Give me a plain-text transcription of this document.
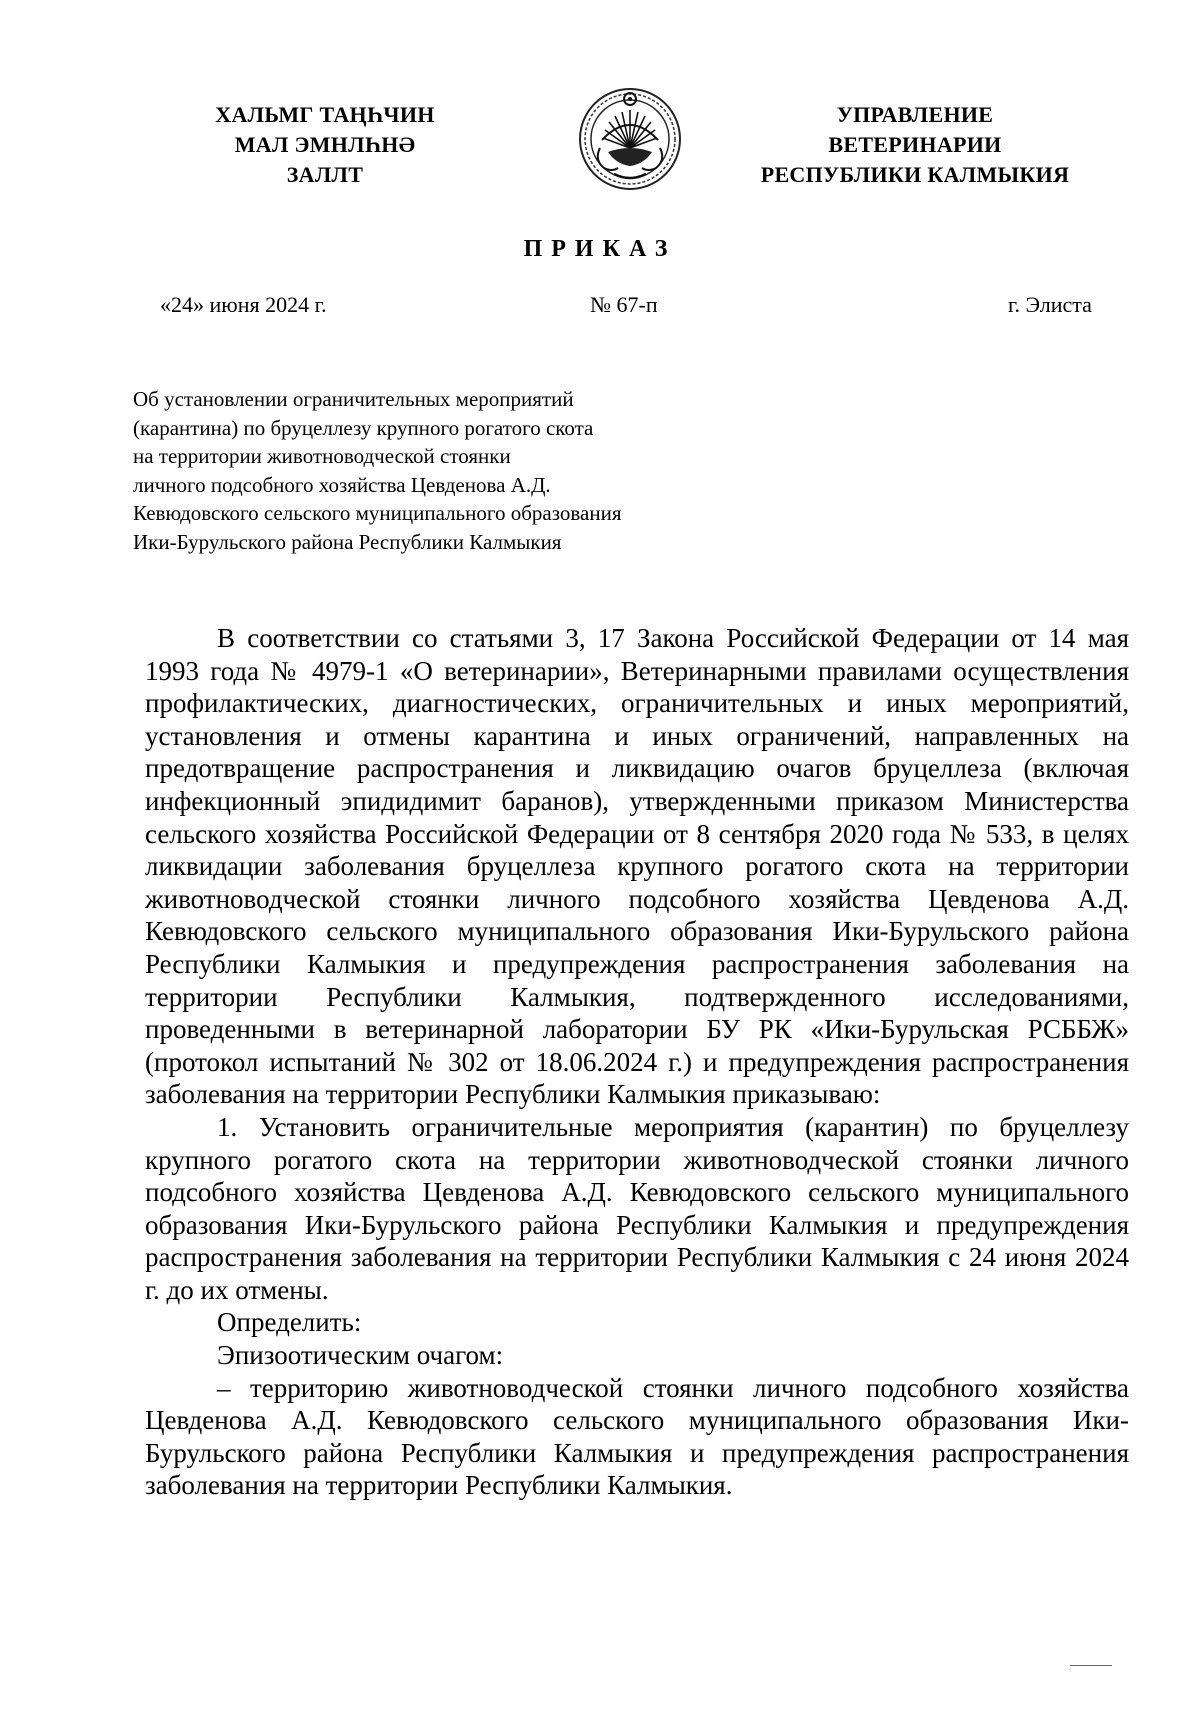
ХАЛЬМГ ТАҢҺЧИН
МАЛ ЭМНЛҺНӘ
ЗАЛЛТ
УПРАВЛЕНИЕ
ВЕТЕРИНАРИИ
РЕСПУБЛИКИ КАЛМЫКИЯ
ПРИКАЗ
«24» июня 2024 г.	№ 67-п	г. Элиста
Об установлении ограничительных мероприятий
(карантина) по бруцеллезу крупного рогатого скота
на территории животноводческой стоянки
личного подсобного хозяйства Цевденова А.Д.
Кевюдовского сельского муниципального образования
Ики-Бурульского района Республики Калмыкия

В соответствии со статьями 3, 17 Закона Российской Федерации от 14 мая 1993 года № 4979-1 «О ветеринарии», Ветеринарными правилами осуществления профилактических, диагностических, ограничительных и иных мероприятий, установления и отмены карантина и иных ограничений, направленных на предотвращение распространения и ликвидацию очагов бруцеллеза (включая инфекционный эпидидимит баранов), утвержденными приказом Министерства сельского хозяйства Российской Федерации от 8 сентября 2020 года № 533, в целях ликвидации заболевания бруцеллеза крупного рогатого скота на территории животноводческой стоянки личного подсобного хозяйства Цевденова А.Д. Кевюдовского сельского муниципального образования Ики-Бурульского района Республики Калмыкия и предупреждения распространения заболевания на территории Республики Калмыкия, подтвержденного исследованиями, проведенными в ветеринарной лаборатории БУ РК «Ики-Бурульская РСББЖ» (протокол испытаний № 302 от 18.06.2024 г.) и предупреждения распространения заболевания на территории Республики Калмыкия приказываю:

1. Установить ограничительные мероприятия (карантин) по бруцеллезу крупного рогатого скота на территории животноводческой стоянки личного подсобного хозяйства Цевденова А.Д. Кевюдовского сельского муниципального образования Ики-Бурульского района Республики Калмыкия и предупреждения распространения заболевания на территории Республики Калмыкия с 24 июня 2024 г. до их отмены.

Определить:

Эпизоотическим очагом:

– территорию животноводческой стоянки личного подсобного хозяйства Цевденова А.Д. Кевюдовского сельского муниципального образования Ики-Бурульского района Республики Калмыкия и предупреждения распространения заболевания на территории Республики Калмыкия.
